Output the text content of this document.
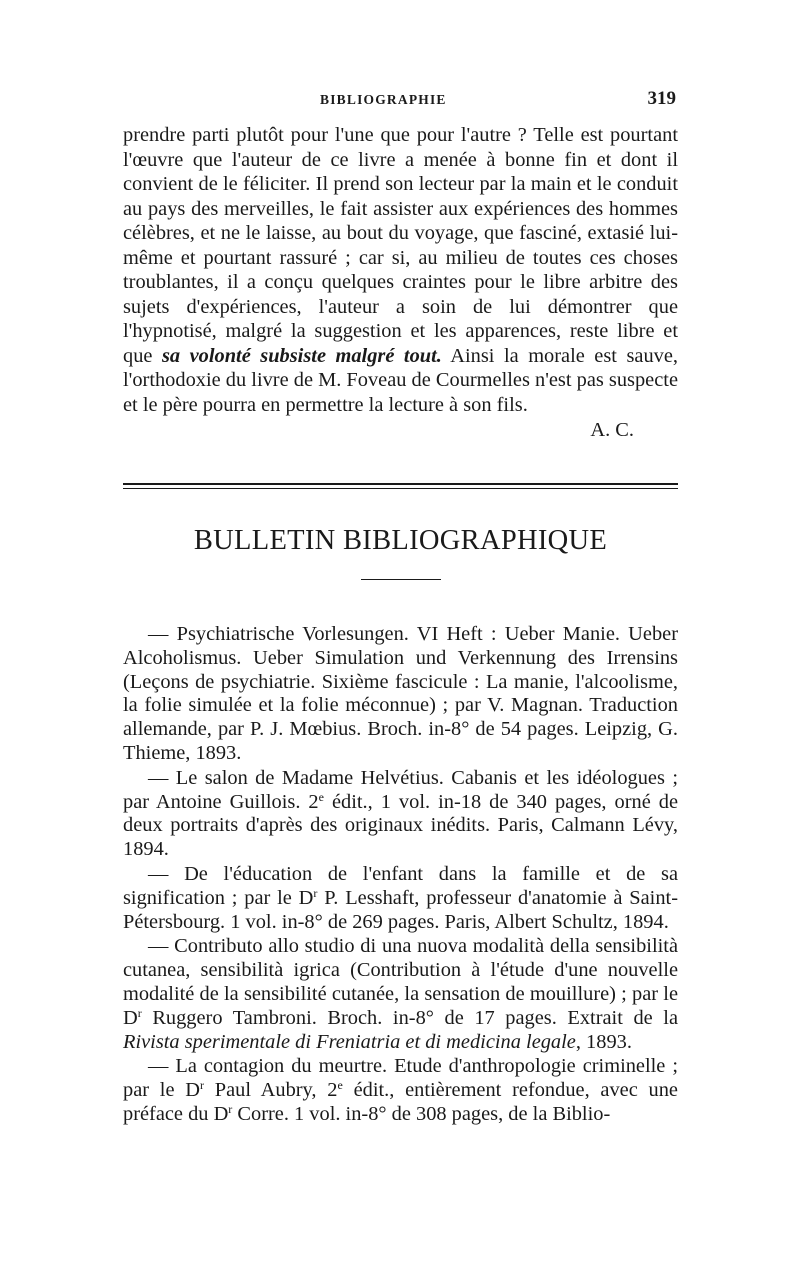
BIBLIOGRAPHIE	319

prendre parti plutôt pour l'une que pour l'autre ? Telle est pourtant l'œuvre que l'auteur de ce livre a menée à bonne fin et dont il convient de le féliciter. Il prend son lecteur par la main et le conduit au pays des merveilles, le fait assister aux expériences des hommes célèbres, et ne le laisse, au bout du voyage, que fasciné, extasié lui-même et pourtant rassuré ; car si, au milieu de toutes ces choses troublantes, il a conçu quelques craintes pour le libre arbitre des sujets d'expériences, l'auteur a soin de lui démontrer que l'hypnotisé, malgré la suggestion et les apparences, reste libre et que sa volonté subsiste malgré tout. Ainsi la morale est sauve, l'orthodoxie du livre de M. Foveau de Courmelles n'est pas suspecte et le père pourra en permettre la lecture à son fils.

A. C.
BULLETIN BIBLIOGRAPHIQUE

— Psychiatrische Vorlesungen. VI Heft : Ueber Manie. Ueber Alcoholismus. Ueber Simulation und Verkennung des Irrensins (Leçons de psychiatrie. Sixième fascicule : La manie, l'alcoolisme, la folie simulée et la folie méconnue) ; par V. Magnan. Traduction allemande, par P. J. Mœbius. Broch. in-8° de 54 pages. Leipzig, G. Thieme, 1893.

— Le salon de Madame Helvétius. Cabanis et les idéologues ; par Antoine Guillois. 2e édit., 1 vol. in-18 de 340 pages, orné de deux portraits d'après des originaux inédits. Paris, Calmann Lévy, 1894.

— De l'éducation de l'enfant dans la famille et de sa signification ; par le $D^r$ P. Lesshaft, professeur d'anatomie à Saint-Pétersbourg. 1 vol. in-8° de 269 pages. Paris, Albert Schultz, 1894.

— Contributo allo studio di una nuova modalità della sensibilità cutanea, sensibilità igrica (Contribution à l'étude d'une nouvelle modalité de la sensibilité cutanée, la sensation de mouillure) ; par le $D^r$ Ruggero Tambroni. Broch. in-8° de 17 pages. Extrait de la Rivista sperimentale di Freniatria et di medicina legale, 1893.

— La contagion du meurtre. Etude d'anthropologie criminelle ; par le $D^r$ Paul Aubry, 2e édit., entièrement refondue, avec une préface du $D^r$ Corre. 1 vol. in-8° de 308 pages, de la Biblio-
